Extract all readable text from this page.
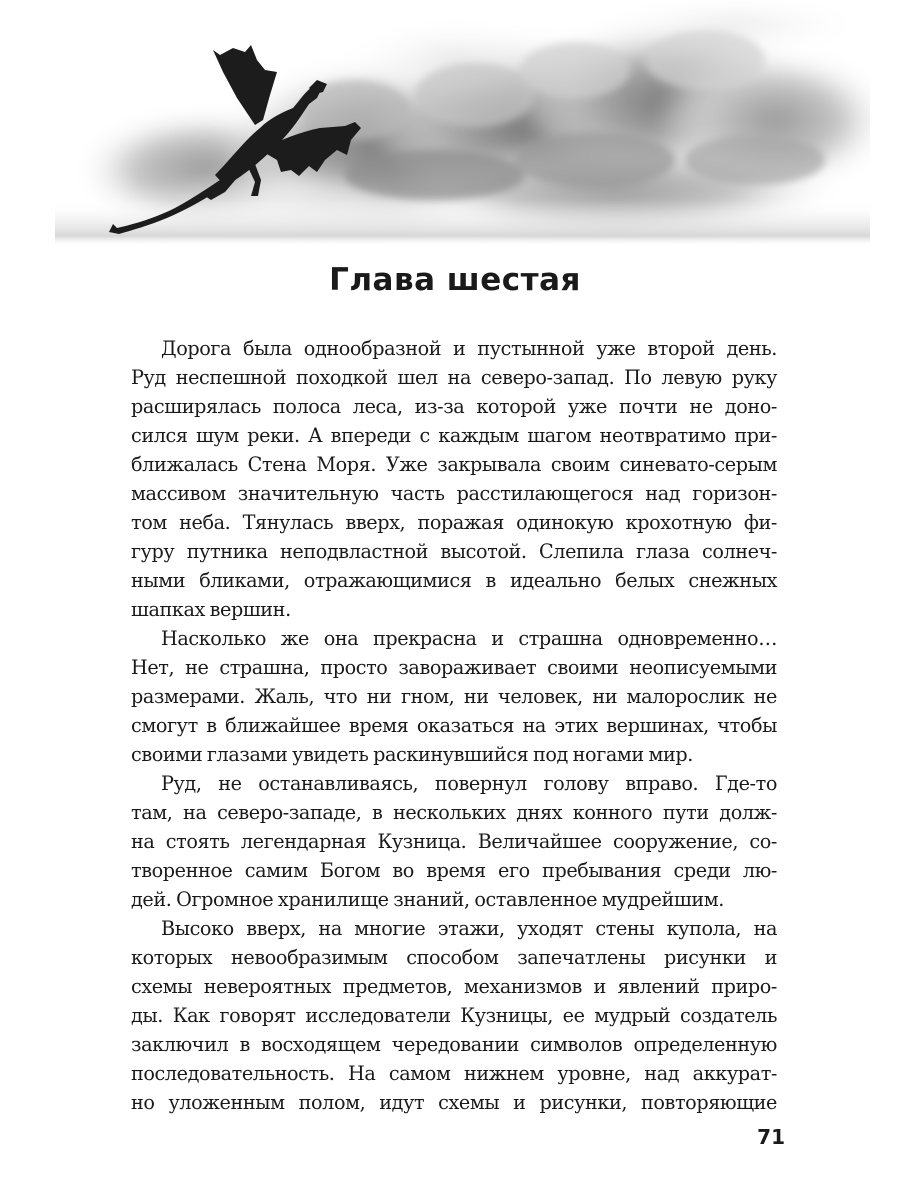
Глава шестая

Дорога была однообразной и пустынной уже второй день.
Руд неспешной походкой шел на северо-запад. По левую руку
расширялась полоса леса, из-за которой уже почти не доно-
сился шум реки. А впереди с каждым шагом неотвратимо при-
ближалась Стена Моря. Уже закрывала своим синевато-серым
массивом значительную часть расстилающегося над горизон-
том неба. Тянулась вверх, поражая одинокую крохотную фи-
гуру путника неподвластной высотой. Слепила глаза солнеч-
ными бликами, отражающимися в идеально белых снежных
шапках вершин.

Насколько же она прекрасна и страшна одновременно…
Нет, не страшна, просто завораживает своими неописуемыми
размерами. Жаль, что ни гном, ни человек, ни малорослик не
смогут в ближайшее время оказаться на этих вершинах, чтобы
своими глазами увидеть раскинувшийся под ногами мир.

Руд, не останавливаясь, повернул голову вправо. Где-то
там, на северо-западе, в нескольких днях конного пути долж-
на стоять легендарная Кузница. Величайшее сооружение, со-
творенное самим Богом во время его пребывания среди лю-
дей. Огромное хранилище знаний, оставленное мудрейшим.

Высоко вверх, на многие этажи, уходят стены купола, на
которых невообразимым способом запечатлены рисунки и
схемы невероятных предметов, механизмов и явлений приро-
ды. Как говорят исследователи Кузницы, ее мудрый создатель
заключил в восходящем чередовании символов определенную
последовательность. На самом нижнем уровне, над аккурат-
но уложенным полом, идут схемы и рисунки, повторяющие

71
